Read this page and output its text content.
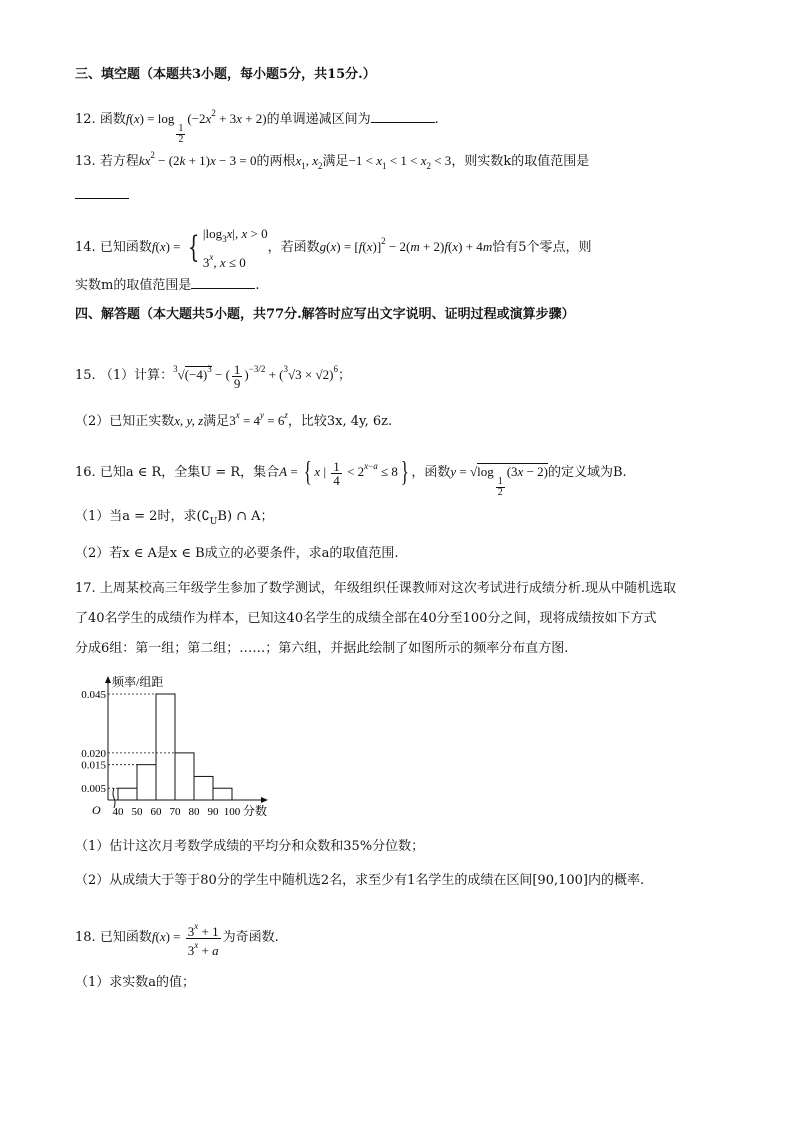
三、填空题（本题共3小题，每小题5分，共15分.）
12. 函数f(x) = log
$\frac{1}{2}$
$(-2x^2 + 3x + 2)$的单调递减区间为	.
13. 若方程$kx^2 - (2k + 1)x - 3 = 0$的两根$x_1$, $x_2$满足$-1 < x_1 < 1 < x_2 < 3$，则实数k的取值范围是
14. 已知函数f(x) = { $|\log_3x|$, x > 0
3$^x$, x ≤ 0
，若函数$g(x) = [f(x)]^2 - 2(m + 2)f(x) + 4m$恰有5个零点，则
实数m的取值范围是	.
四、解答题（本大题共5小题，共77分.解答时应写出文字说明、证明过程或演算步骤）
15. （1）计算：$^3√(-4)^3$ − ( $\frac{1}{9} )^{-3/2} + (^3√3 \times √2)^6$；
（2）已知正实数x, y, z满足$3^x = 4^y = 6^z$，比较3x, 4y, 6z.
16. 已知a ∈ R，全集U = R，集合A = { x | $\frac{1}{4} < 2^{x-a} \le 8$} ，函数y = √log
$\frac{1}{2}$
(3x − 2)的定义域为B.
（1）当a = 2时，求$(∁_UB)$ ∩ A；
（2）若x ∈ A是x ∈ B成立的必要条件，求a的取值范围.
17. 上周某校高三年级学生参加了数学测试，年级组织任课教师对这次考试进行成绩分析.现从中随机选取
了40名学生的成绩作为样本，已知这40名学生的成绩全部在40分至100分之间，现将成绩按如下方式
分成6组：第一组；第二组；……；第六组，并据此绘制了如图所示的频率分布直方图.
0.005
0.015
0.020
0.045
40 50 60 70 80 90 100 分数
频率/组距
O
（1）估计这次月考数学成绩的平均分和众数和35%分位数；
（2）从成绩大于等于80分的学生中随机选2名，求至少有1名学生的成绩在区间[90,100]内的概率.
18. 已知函数$f(x) = \frac{3^x + 1}{3^x + a}$ 为奇函数.
（1）求实数a的值；
